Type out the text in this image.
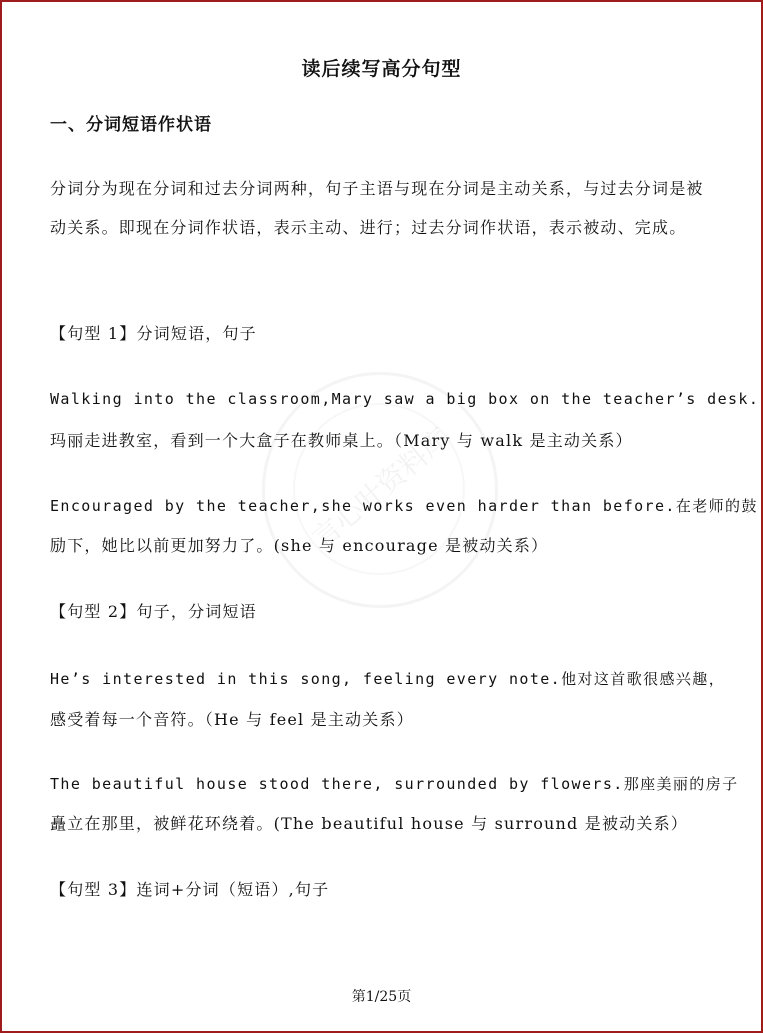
言心叶资料库
读后续写高分句型
一、分词短语作状语
分词分为现在分词和过去分词两种，句子主语与现在分词是主动关系，与过去分词是被动关系。即现在分词作状语，表示主动、进行；过去分词作状语，表示被动、完成。
【句型 1】分词短语，句子
Walking into the classroom,Mary saw a big box on the teacher’s desk.
玛丽走进教室，看到一个大盒子在教师桌上。（Mary 与 walk 是主动关系）
Encouraged by the teacher,she works even harder than before.在老师的鼓
励下，她比以前更加努力了。(she 与 encourage 是被动关系）
【句型 2】句子，分词短语
He’s interested in this song, feeling every note.他对这首歌很感兴趣，
感受着每一个音符。（He 与 feel 是主动关系）
The beautiful house stood there, surrounded by flowers.那座美丽的房子
矗立在那里，被鲜花环绕着。(The beautiful house 与 surround 是被动关系）
【句型 3】连词+分词（短语）,句子
第1/25页
